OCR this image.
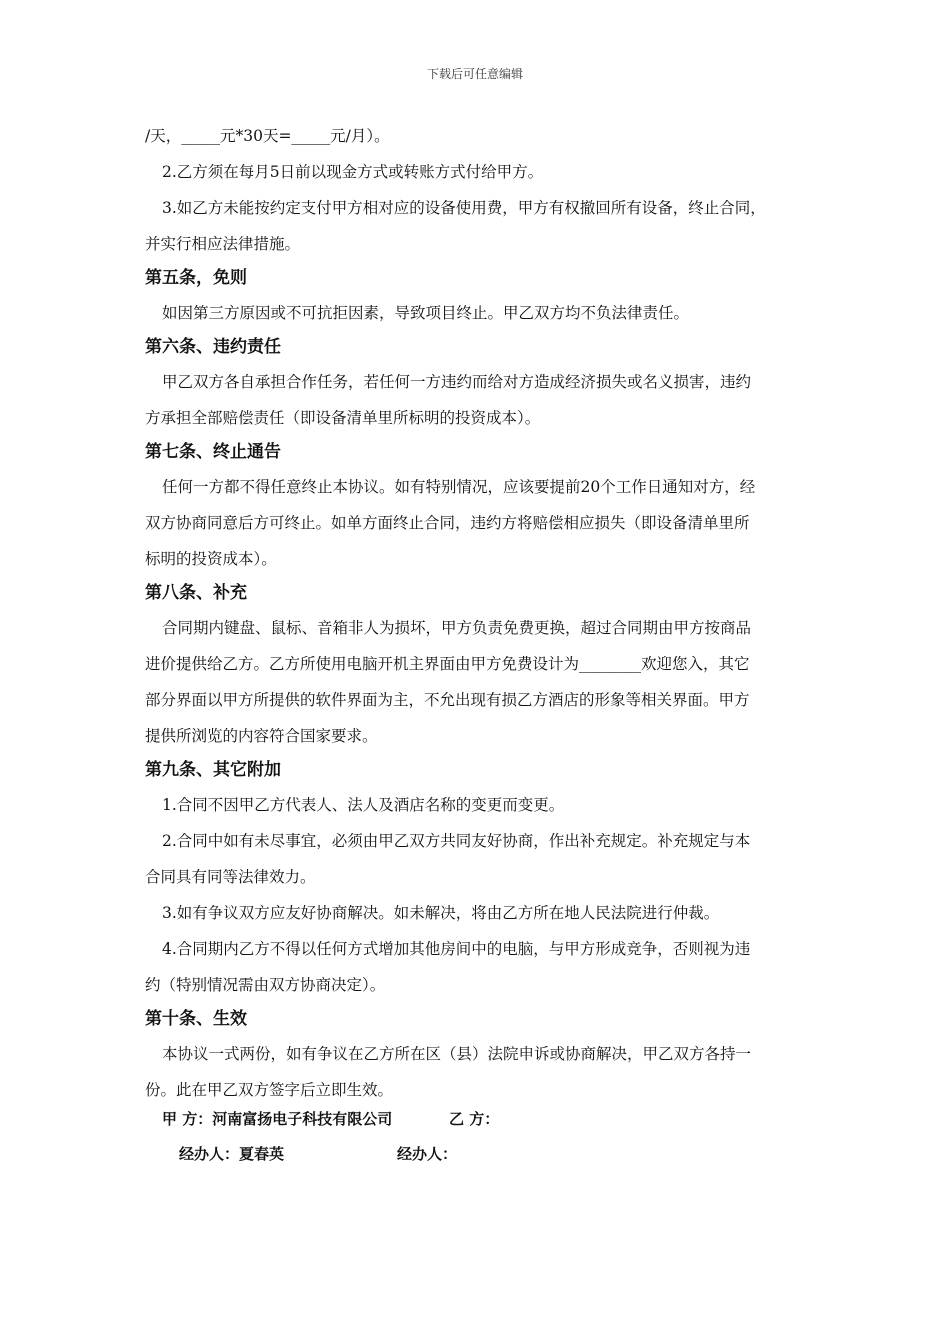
下载后可任意编辑
/天，_____元*30天=_____元/月）。
2.乙方须在每月5日前以现金方式或转账方式付给甲方。
3.如乙方未能按约定支付甲方相对应的设备使用费，甲方有权撤回所有设备，终止合同，
并实行相应法律措施。
第五条，免则
如因第三方原因或不可抗拒因素，导致项目终止。甲乙双方均不负法律责任。
第六条、违约责任
甲乙双方各自承担合作任务，若任何一方违约而给对方造成经济损失或名义损害，违约
方承担全部赔偿责任（即设备清单里所标明的投资成本）。
第七条、终止通告
任何一方都不得任意终止本协议。如有特别情况，应该要提前20个工作日通知对方，经
双方协商同意后方可终止。如单方面终止合同，违约方将赔偿相应损失（即设备清单里所
标明的投资成本）。
第八条、补充
合同期内键盘、鼠标、音箱非人为损坏，甲方负责免费更换，超过合同期由甲方按商品
进价提供给乙方。乙方所使用电脑开机主界面由甲方免费设计为________欢迎您入，其它
部分界面以甲方所提供的软件界面为主，不允出现有损乙方酒店的形象等相关界面。甲方
提供所浏览的内容符合国家要求。
第九条、其它附加
1.合同不因甲乙方代表人、法人及酒店名称的变更而变更。
2.合同中如有未尽事宜，必须由甲乙双方共同友好协商，作出补充规定。补充规定与本
合同具有同等法律效力。
3.如有争议双方应友好协商解决。如未解决，将由乙方所在地人民法院进行仲裁。
4.合同期内乙方不得以任何方式增加其他房间中的电脑，与甲方形成竞争，否则视为违
约（特别情况需由双方协商决定）。
第十条、生效
本协议一式两份，如有争议在乙方所在区（县）法院申诉或协商解决，甲乙双方各持一
份。此在甲乙双方签字后立即生效。
甲 方：河南富扬电子科技有限公司	乙 方：
经办人：夏春英	经办人：
